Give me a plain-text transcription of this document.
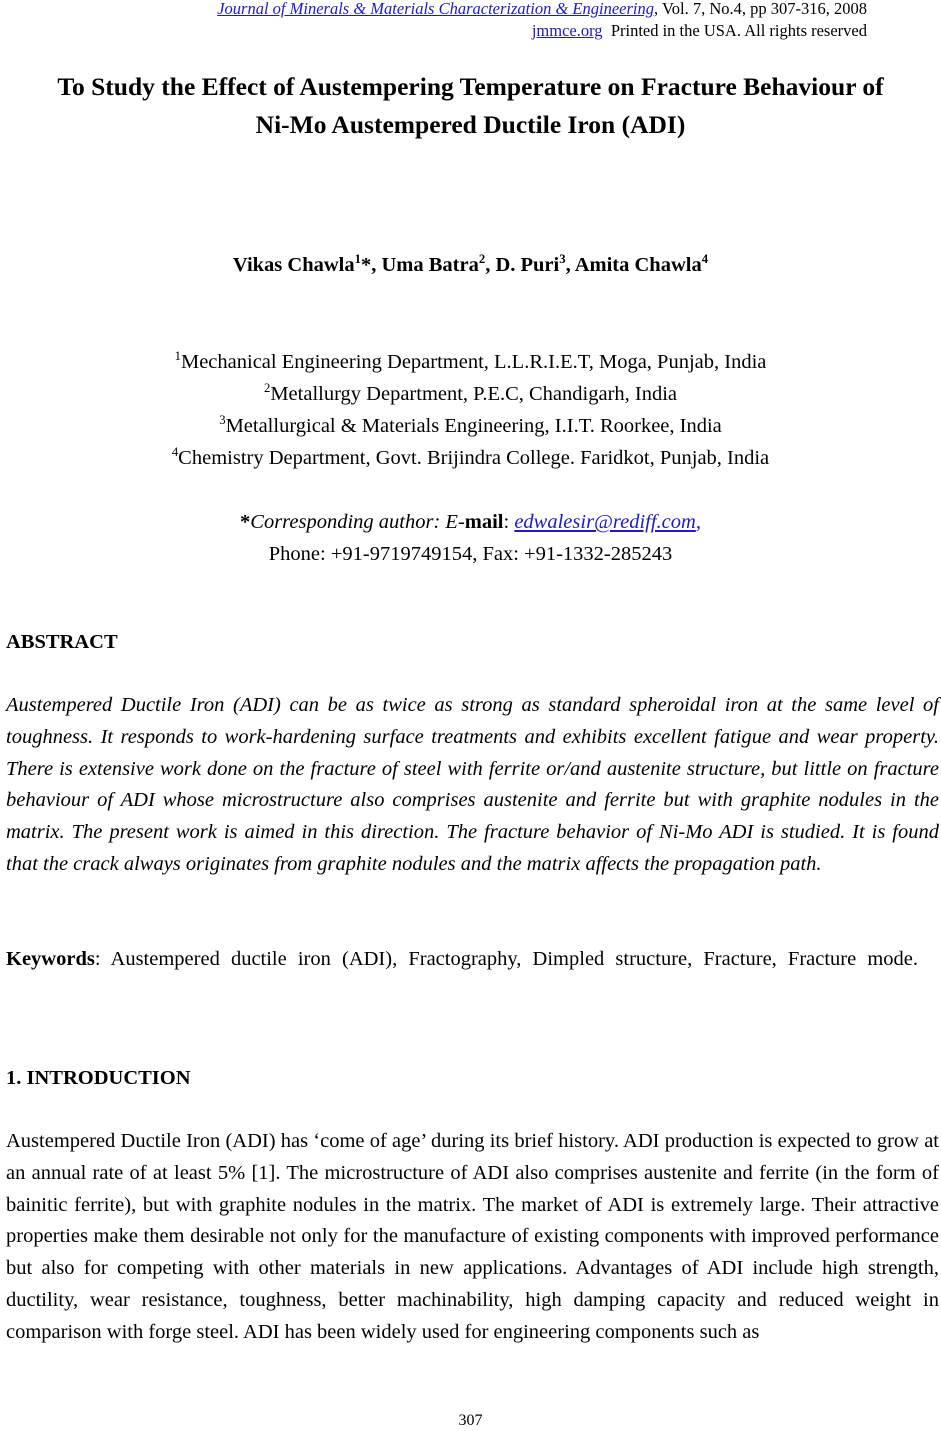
Journal of Minerals & Materials Characterization & Engineering, Vol. 7, No.4, pp 307-316, 2008
jmmce.org Printed in the USA. All rights reserved
To Study the Effect of Austempering Temperature on Fracture Behaviour of
Ni-Mo Austempered Ductile Iron (ADI)
Vikas Chawla$^1$*, Uma Batra$^2$, D. Puri$^3$, Amita Chawla$^4$
$^1$Mechanical Engineering Department, L.L.R.I.E.T, Moga, Punjab, India
$^2$Metallurgy Department, P.E.C, Chandigarh, India
$^3$Metallurgical & Materials Engineering, I.I.T. Roorkee, India
$^4$Chemistry Department, Govt. Brijindra College. Faridkot, Punjab, India
*Corresponding author: E-mail: edwalesir@rediff.com,
Phone: +91-9719749154, Fax: +91-1332-285243
ABSTRACT
Austempered Ductile Iron (ADI) can be as twice as strong as standard spheroidal iron at the same level of toughness. It responds to work-hardening surface treatments and exhibits excellent fatigue and wear property. There is extensive work done on the fracture of steel with ferrite or/and austenite structure, but little on fracture behaviour of ADI whose microstructure also comprises austenite and ferrite but with graphite nodules in the matrix. The present work is aimed in this direction. The fracture behavior of Ni-Mo ADI is studied. It is found that the crack always originates from graphite nodules and the matrix affects the propagation path.
Keywords: Austempered ductile iron (ADI), Fractography, Dimpled structure, Fracture, Fracture mode.
1. INTRODUCTION
Austempered Ductile Iron (ADI) has ‘come of age’ during its brief history. ADI production is expected to grow at an annual rate of at least 5% [1]. The microstructure of ADI also comprises austenite and ferrite (in the form of bainitic ferrite), but with graphite nodules in the matrix. The market of ADI is extremely large. Their attractive properties make them desirable not only for the manufacture of existing components with improved performance but also for competing with other materials in new applications. Advantages of ADI include high strength, ductility, wear resistance, toughness, better machinability, high damping capacity and reduced weight in comparison with forge steel. ADI has been widely used for engineering components such as
307
